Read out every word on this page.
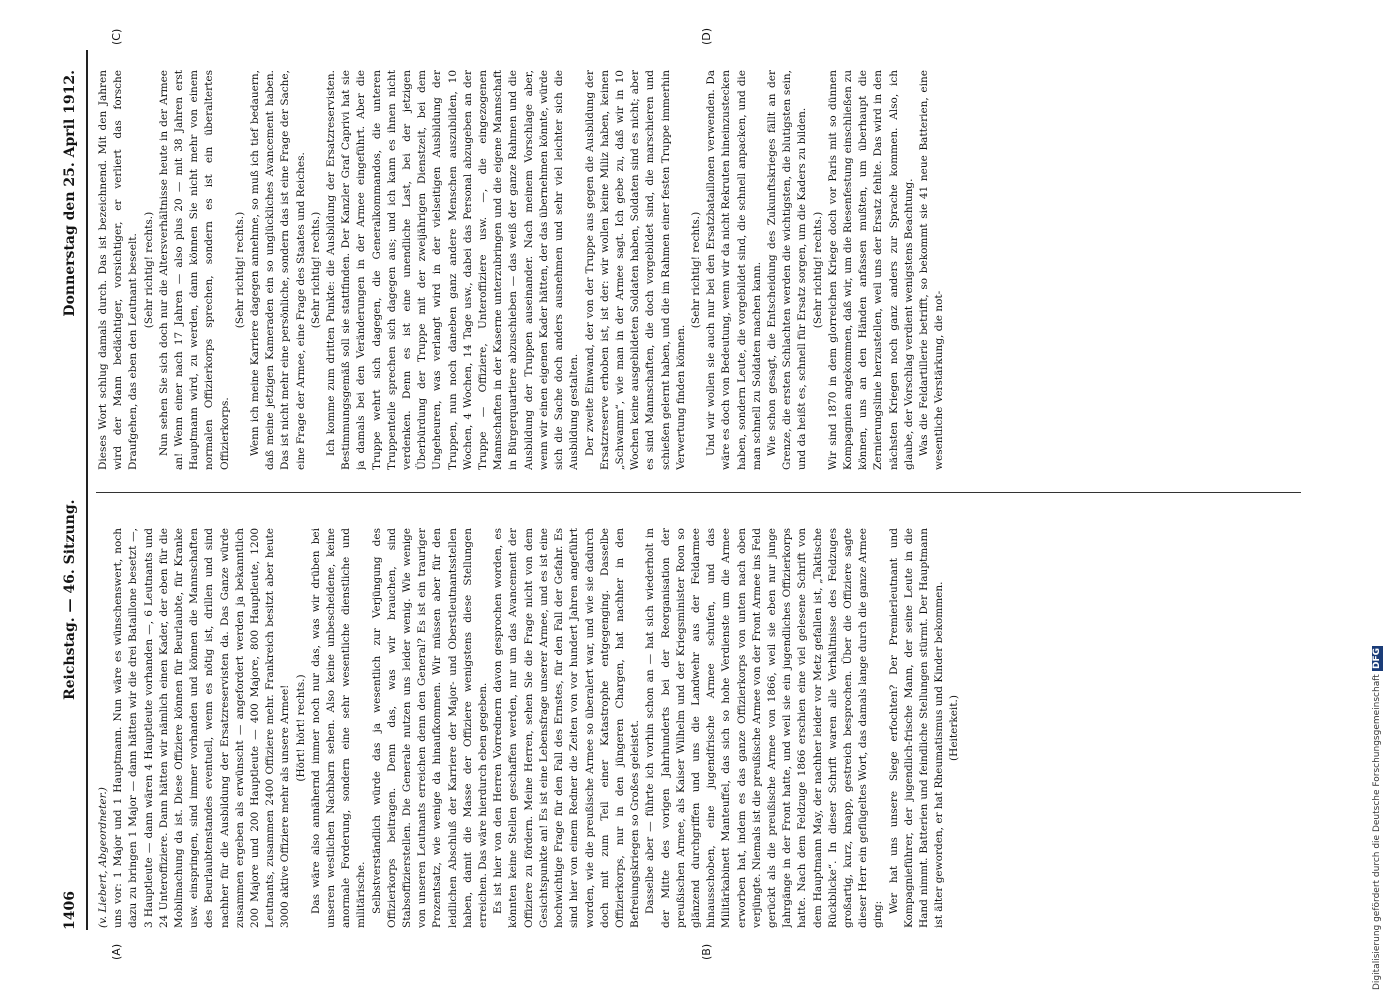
1406
Reichstag. — 46. Sitzung.
Donnerstag den 25. April 1912.
(A)	(B)
(C)	(D)

(v. Liebert, Abgeordneter.) uns vor: 1 Major und 1 Hauptmann. Nun wäre es wünschenswert, noch dazu zu bringen 1 Major — dann hätten wir die drei Bataillone besetzt —, 3 Hauptleute — dann wären 4 Hauptleute vorhanden —, 6 Leutnants und 24 Unteroffiziere. Dann hätten wir nämlich einen Kader, der eben für die Mobilmachung da ist. Diese Offiziere können für Beurlaubte, für Kranke usw. einspringen, sind immer vorhanden und können die Mannschaften des Beurlaubtenstandes eventuell, wenn es nötig ist, drillen und sind nachher für die Ausbildung der Ersatzreservisten da. Das Ganze würde zusammen ergeben als erwünscht — angefordert werden ja bekanntlich 200 Majore und 200 Hauptleute — 400 Majore, 800 Hauptleute, 1200 Leutnants, zusammen 2400 Offiziere mehr. Frankreich besitzt aber heute 3000 aktive Offiziere mehr als unsere Armee! (Hört! hört! rechts.) Das wäre also annähernd immer noch nur das, was wir drüben bei unseren westlichen Nachbarn sehen. Also keine unbescheidene, keine anormale Forderung, sondern eine sehr wesentliche dienstliche und militärische. Selbstverständlich würde das ja wesentlich zur Verjüngung des Offizierkorps beitragen. Denn das, was wir brauchen, sind Stabsoffizierstellen. Die Generale nutzen uns leider wenig. Wie wenige von unseren Leutnants erreichen denn den General? Es ist ein trauriger Prozentsatz, wie wenige da hinaufkommen. Wir müssen aber für den leidlichen Abschluß der Karriere der Major- und Oberstleutnantsstellen haben, damit die Masse der Offiziere wenigstens diese Stellungen erreichen. Das wäre hierdurch eben gegeben. Es ist hier von den Herren Vorrednern davon gesprochen worden, es könnten keine Stellen geschaffen werden, nur um das Avancement der Offiziere zu fördern. Meine Herren, sehen Sie die Frage nicht von dem Gesichtspunkte an! Es ist eine Lebensfrage unserer Armee, und es ist eine hochwichtige Frage für den Fall des Ernstes, für den Fall der Gefahr. Es sind hier von einem Redner die Zeiten von vor hundert Jahren angeführt worden, wie die preußische Armee so überalert war, und wie sie dadurch doch mit zum Teil einer Katastrophe entgegenging. Dasselbe Offizierkorps, nur in den jüngeren Chargen, hat nachher in den Befreiungskriegen so Großes geleistet. Dasselbe aber — führte ich vorhin schon an — hat sich wiederholt in der Mitte des vorigen Jahrhunderts bei der Reorganisation der preußischen Armee, als Kaiser Wilhelm und der Kriegsminister Roon so glänzend durchgriffen und uns die Landwehr aus der Feldarmee hinausschoben, eine jugendfrische Armee schufen, und das Militärkabinett Manteuffel, das sich so hohe Verdienste um die Armee erworben hat, indem es das ganze Offizierkorps von unten nach oben verjüngte. Niemals ist die preußische Armee von der Front Armee ins Feld gerückt als die preußische Armee von 1866, weil sie eben nur junge Jahrgänge in der Front hatte, und weil sie ein jugendliches Offizierkorps hatte. Nach dem Feldzuge 1866 erschien eine viel gelesene Schrift von dem Hauptmann May, der nachher leider vor Metz gefallen ist, „Taktische Rückblicke“. In dieser Schrift waren alle Verhältnisse des Feldzuges großartig, kurz, knapp, gestreich besprochen. Über die Offiziere sagte dieser Herr ein geflügeltes Wort, das damals lange durch die ganze Armee ging:

Wer hat uns unsere Siege erfochten? Der Premierleutnant und Kompagnieführer, der jugendlich-frische Mann, der seine Leute in die Hand nimmt. Batterien und feindliche Stellungen stürmt. Der Hauptmann ist älter geworden, er hat Rheumatismus und Kinder bekommen. (Heiterkeit.)

Dieses Wort schlug damals durch. Das ist bezeichnend. Mit den Jahren wird der Mann bedächtiger, vorsichtiger, er verliert das forsche Draufgehen, das eben den Leutnant beseelt. (Sehr richtig! rechts.) Nun sehen Sie sich doch nur die Altersverhältnisse heute in der Armee an! Wenn einer nach 17 Jahren — also plus 20 — mit 38 Jahren erst Hauptmann wird, zu werden, dann können Sie nicht mehr von einem normalen Offizierkorps sprechen, sondern es ist ein überaltertes Offizierkorps.

(Sehr richtig! rechts.) Wenn ich meine Karriere dagegen annehme, so muß ich tief bedauern, daß meine jetzigen Kameraden ein so unglückliches Avancement haben. Das ist nicht mehr eine persönliche, sondern das ist eine Frage der Sache, eine Frage der Armee, eine Frage des Staates und Reiches. (Sehr richtig! rechts.) Ich komme zum dritten Punkte: die Ausbildung der Ersatzreservisten. Bestimmungsgemäß soll sie stattfinden. Der Kanzler Graf Caprivi hat sie ja damals bei den Veränderungen in der Armee eingeführt. Aber die Truppe wehrt sich dagegen, die Generalkommandos, die unteren Truppenteile sprechen sich dagegen aus; und ich kann es ihnen nicht verdenken. Denn es ist eine unendliche Last, bei der jetzigen Überbürdung der Truppe mit der zweijährigen Dienstzeit, bei dem Ungeheuren, was verlangt wird in der vielseitigen Ausbildung der Truppen, nun noch daneben ganz andere Menschen auszubilden, 10 Wochen, 4 Wochen, 14 Tage usw., dabei das Personal abzugeben an der Truppe — Offiziere, Unteroffiziere usw. —, die eingezogenen Mannschaften in der Kaserne unterzubringen und die eigene Mannschaft in Bürgerquartiere abzuschieben — das weiß der ganze Rahmen und die Ausbildung der Truppen auseinander. Nach meinem Vorschlage aber, wenn wir einen eigenen Kader hätten, der das übernehmen könnte, würde sich die Sache doch anders ausnehmen und sehr viel leichter sich die Ausbildung gestalten. Der zweite Einwand, der von der Truppe aus gegen die Ausbildung der Ersatzreserve erhoben ist, ist der: wir wollen keine Miliz haben, keinen „Schwamm“, wie man in der Armee sagt. Ich gebe zu, daß wir in 10 Wochen keine ausgebildeten Soldaten haben, Soldaten sind es nicht; aber es sind Mannschaften, die doch vorgebildet sind, die marschieren und schießen gelernt haben, und die im Rahmen einer festen Truppe immerhin Verwertung finden können.

(Sehr richtig! rechts.) Und wir wollen sie auch nur bei den Ersatzbataillonen verwenden. Da wäre es doch von Bedeutung, wenn wir da nicht Rekruten hineinzustecken haben, sondern Leute, die vorgebildet sind, die schnell anpacken, und die man schnell zu Soldaten machen kann. Wie schon gesagt, die Entscheidung des Zukunftskrieges fällt an der Grenze, die ersten Schlachten werden die wichtigsten, die blutigsten sein, und da heißt es, schnell für Ersatz sorgen, um die Kaders zu bilden. (Sehr richtig! rechts.) Wir sind 1870 in dem glorreichen Kriege doch vor Paris mit so dünnen Kompagnien angekommen, daß wir, um die Riesenfestung einschließen zu können, uns an den Händen anfassen mußten, um überhaupt die Zernierungslinie herzustellen, weil uns der Ersatz fehlte. Das wird in den nächsten Kriegen noch ganz anders zur Sprache kommen. Also, ich glaube, der Vorschlag verdient wenigstens Beachtung. Was die Feldartillerie betrifft, so bekommt sie 41 neue Batterien, eine wesentliche Verstärkung, die not-

Digitalisierung gefördert durch die Deutsche Forschungsgemeinschaft DFG
